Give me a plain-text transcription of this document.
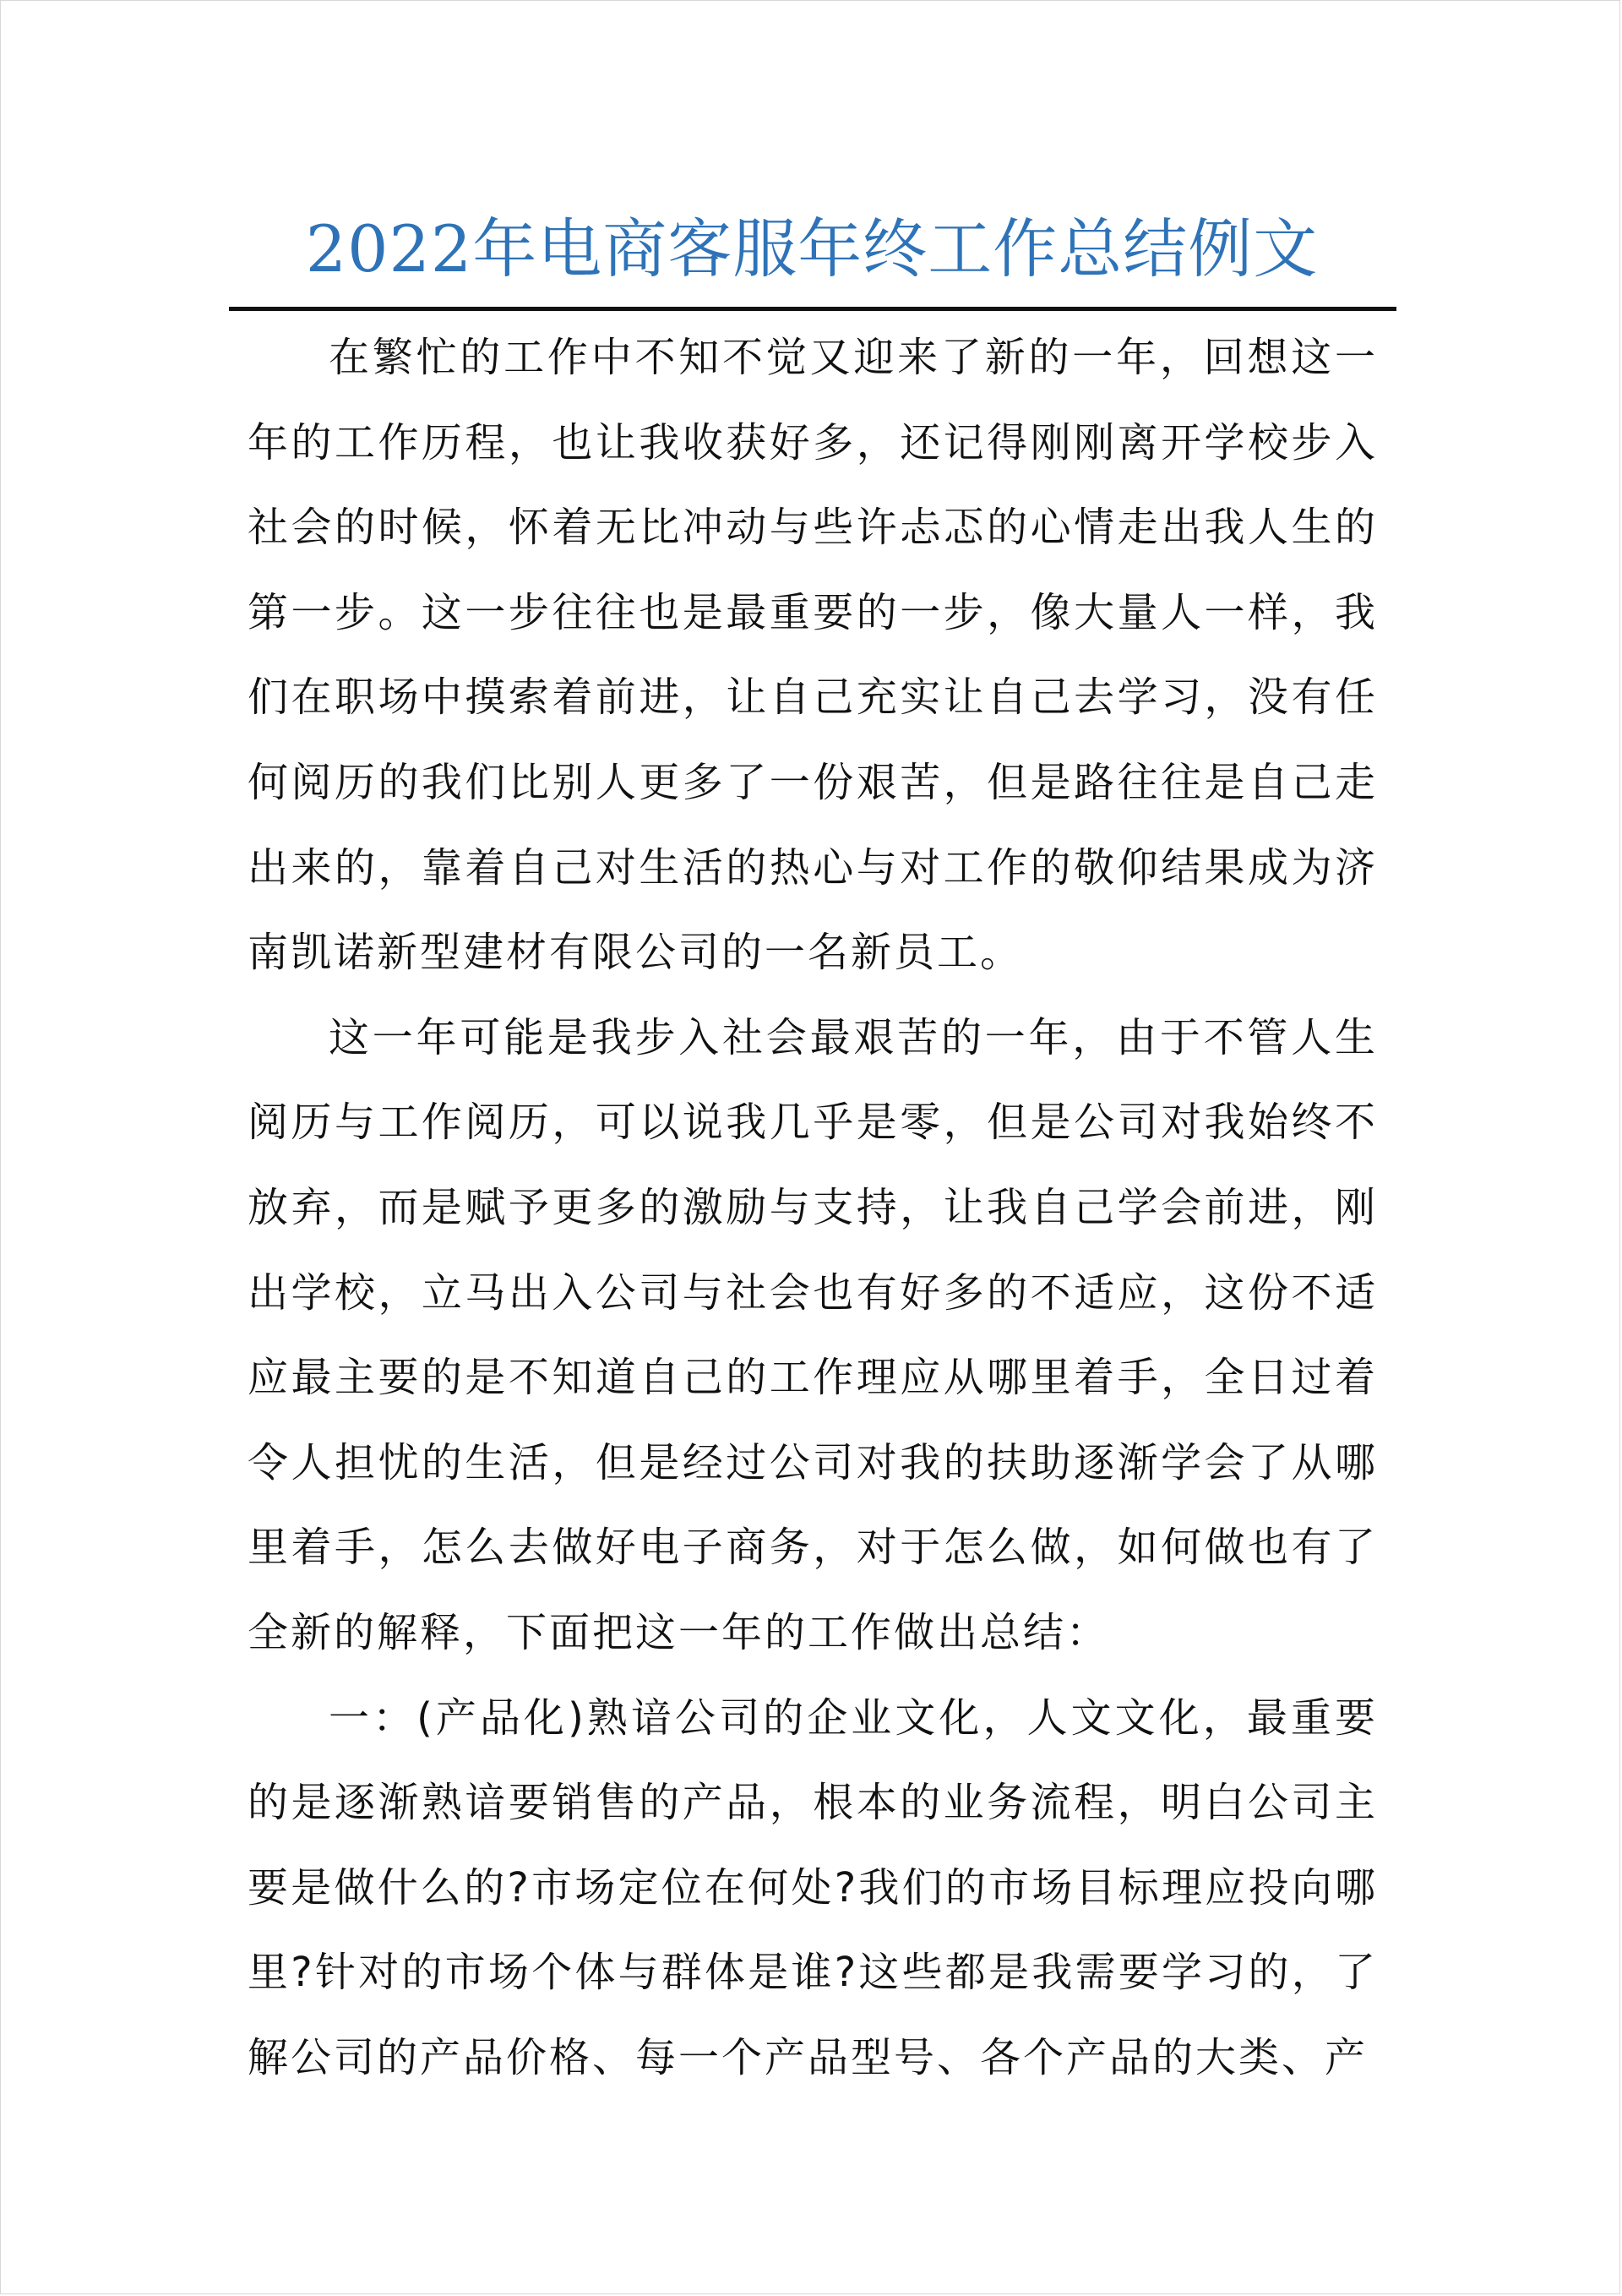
2022年电商客服年终工作总结例文

在繁忙的工作中不知不觉又迎来了新的一年，回想这一年的工作历程，也让我收获好多，还记得刚刚离开学校步入社会的时候，怀着无比冲动与些许忐忑的心情走出我人生的第一步。这一步往往也是最重要的一步，像大量人一样，我们在职场中摸索着前进，让自己充实让自己去学习，没有任何阅历的我们比别人更多了一份艰苦，但是路往往是自己走出来的，靠着自己对生活的热心与对工作的敬仰结果成为济南凯诺新型建材有限公司的一名新员工。

这一年可能是我步入社会最艰苦的一年，由于不管人生阅历与工作阅历，可以说我几乎是零，但是公司对我始终不放弃，而是赋予更多的激励与支持，让我自己学会前进，刚出学校，立马出入公司与社会也有好多的不适应，这份不适应最主要的是不知道自己的工作理应从哪里着手，全日过着令人担忧的生活，但是经过公司对我的扶助逐渐学会了从哪里着手，怎么去做好电子商务，对于怎么做，如何做也有了全新的解释，下面把这一年的工作做出总结：

一：(产品化)熟谙公司的企业文化，人文文化，最重要的是逐渐熟谙要销售的产品，根本的业务流程，明白公司主要是做什么的?市场定位在何处?我们的市场目标理应投向哪里?针对的市场个体与群体是谁?这些都是我需要学习的，了解公司的产品价格、每一个产品型号、各个产品的大类、产
